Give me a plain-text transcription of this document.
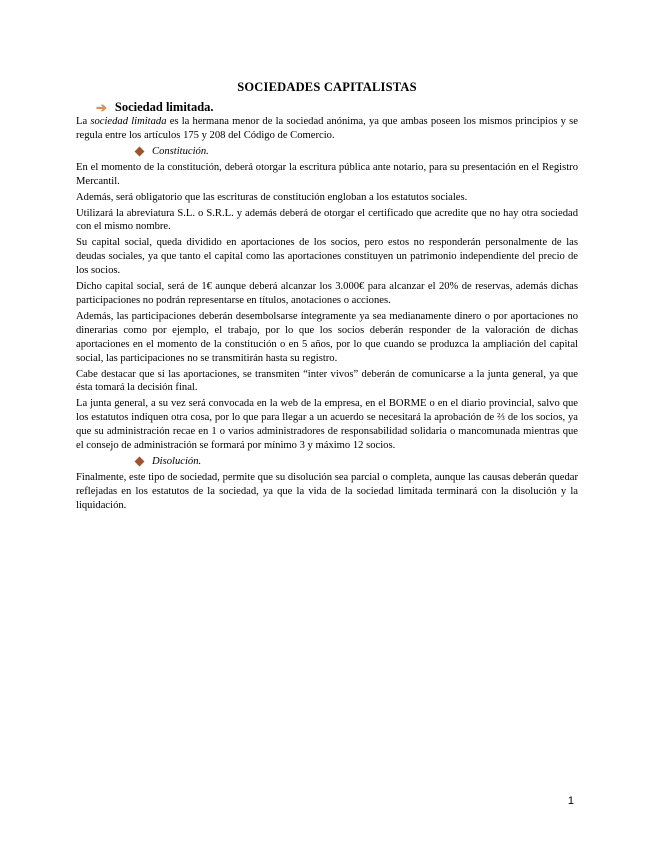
SOCIEDADES CAPITALISTAS
➔ Sociedad limitada.

La sociedad limitada es la hermana menor de la sociedad anónima, ya que ambas poseen los mismos principios y se regula entre los artículos 175 y 208 del Código de Comercio.

Constitución.

En el momento de la constitución, deberá otorgar la escritura pública ante notario, para su presentación en el Registro Mercantil.

Además, será obligatorio que las escrituras de constitución engloban a los estatutos sociales.

Utilizará la abreviatura S.L. o S.R.L. y además deberá de otorgar el certificado que acredite que no hay otra sociedad con el mismo nombre.

Su capital social, queda dividido en aportaciones de los socios, pero estos no responderán personalmente de las deudas sociales, ya que tanto el capital como las aportaciones constituyen un patrimonio independiente del precio de los socios.

Dicho capital social, será de 1€ aunque deberá alcanzar los 3.000€ para alcanzar el 20% de reservas, además dichas participaciones no podrán representarse en títulos, anotaciones o acciones.

Además, las participaciones deberán desembolsarse íntegramente ya sea medianamente dinero o por aportaciones no dinerarias como por ejemplo, el trabajo, por lo que los socios deberán responder de la valoración de dichas aportaciones en el momento de la constitución o en 5 años, por lo que cuando se produzca la ampliación del capital social, las participaciones no se transmitirán hasta su registro.

Cabe destacar que si las aportaciones, se transmiten “inter vivos” deberán de comunicarse a la junta general, ya que ésta tomará la decisión final.

La junta general, a su vez será convocada en la web de la empresa, en el BORME o en el diario provincial, salvo que los estatutos indiquen otra cosa, por lo que para llegar a un acuerdo se necesitará la aprobación de ⅔ de los socios, ya que su administración recae en 1 o varios administradores de responsabilidad solidaria o mancomunada mientras que el consejo de administración se formará por mínimo 3 y máximo 12 socios.

Disolución.

Finalmente, este tipo de sociedad, permite que su disolución sea parcial o completa, aunque las causas deberán quedar reflejadas en los estatutos de la sociedad, ya que la vida de la sociedad limitada terminará con la disolución y la liquidación.

1
